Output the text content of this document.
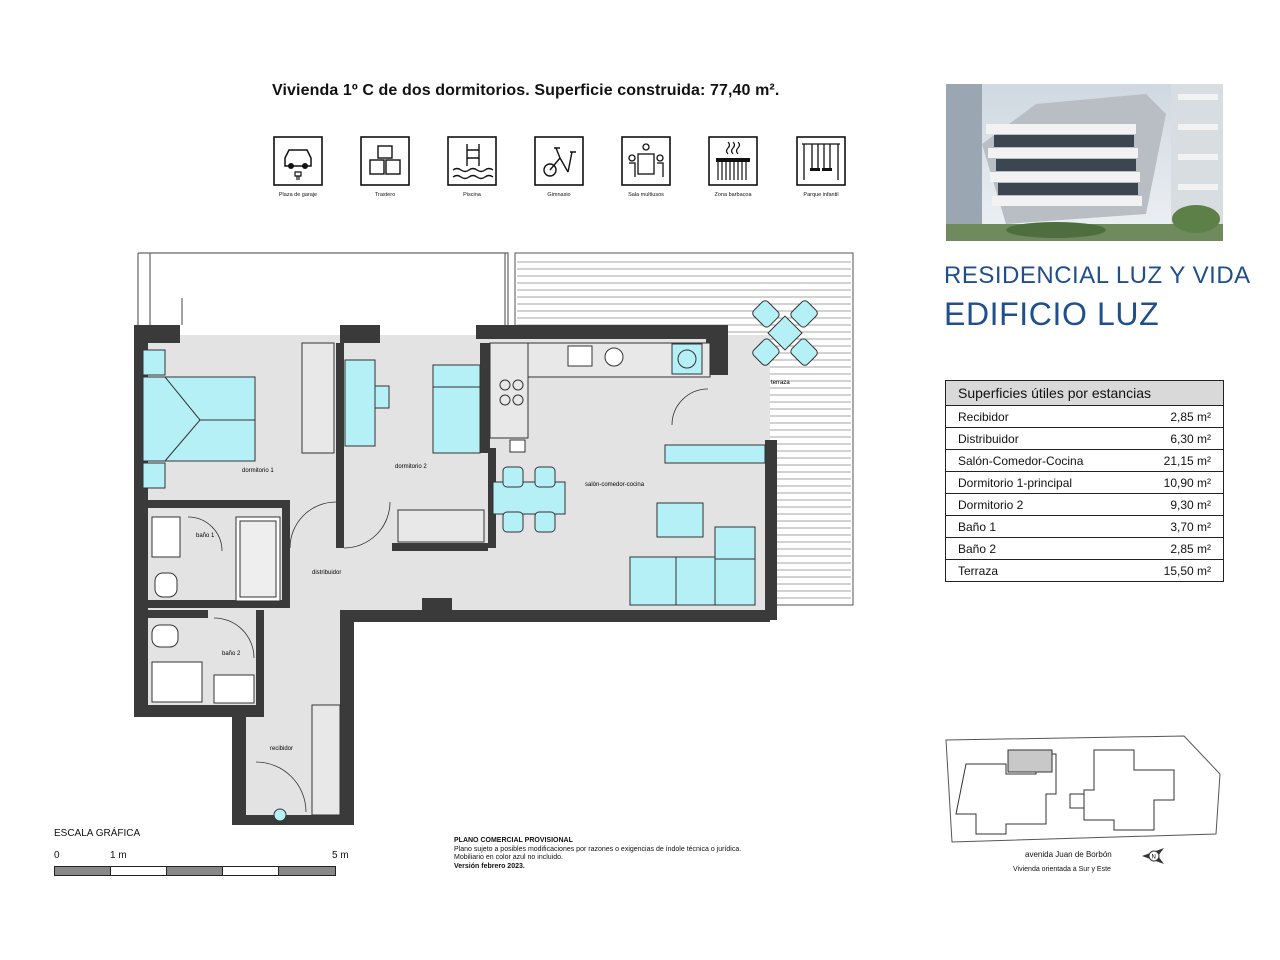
Vivienda 1º C de dos dormitorios. Superficie construida: 77,40 m².
Plaza de garaje	Trastero	Piscina	Gimnasio	Sala multiusos	Zona barbacoa	Parque infantil
RESIDENCIAL LUZ Y VIDA
EDIFICIO LUZ
Superficies útiles por estancias	
Recibidor	2,85 m²
Distribuidor	6,30 m²
Salón-Comedor-Cocina	21,15 m²
Dormitorio 1-principal	10,90 m²
Dormitorio 2	9,30 m²
Baño 1	3,70 m²
Baño 2	2,85 m²
Terraza	15,50 m²
dormitorio 1
dormitorio 2
salón-comedor-cocina
terraza
baño 1
baño 2
distribuidor
recibidor
ESCALA GRÁFICA
0	1 m	5 m
PLANO COMERCIAL PROVISIONAL
Plano sujeto a posibles modificaciones por razones o exigencias de índole técnica o jurídica.
Mobiliario en color azul no incluido.
Versión febrero 2023.
avenida Juan de Borbón	N
Vivienda orientada a Sur y Este
